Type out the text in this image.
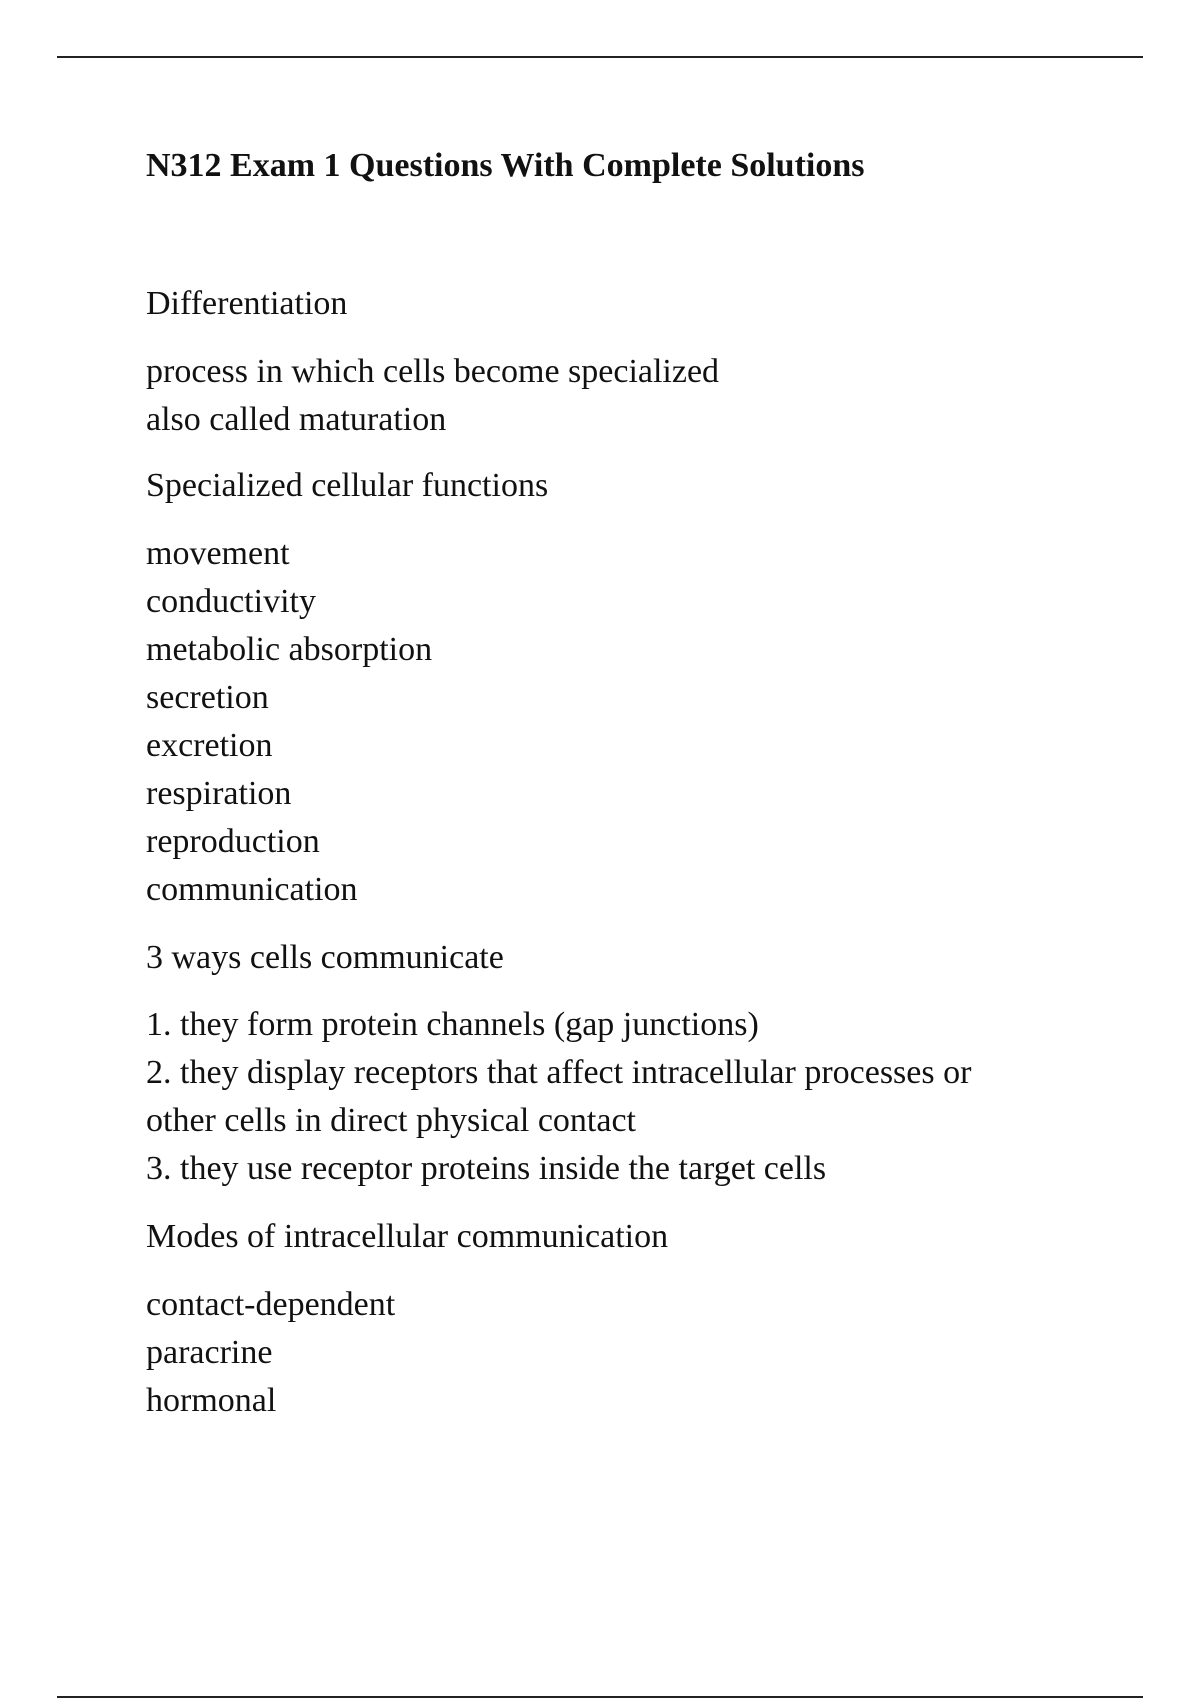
N312 Exam 1 Questions With Complete Solutions

Differentiation

process in which cells become specialized

also called maturation

Specialized cellular functions

movement

conductivity

metabolic absorption

secretion

excretion

respiration

reproduction

communication

3 ways cells communicate

1. they form protein channels (gap junctions)

2. they display receptors that affect intracellular processes or

other cells in direct physical contact

3. they use receptor proteins inside the target cells

Modes of intracellular communication

contact-dependent

paracrine

hormonal
